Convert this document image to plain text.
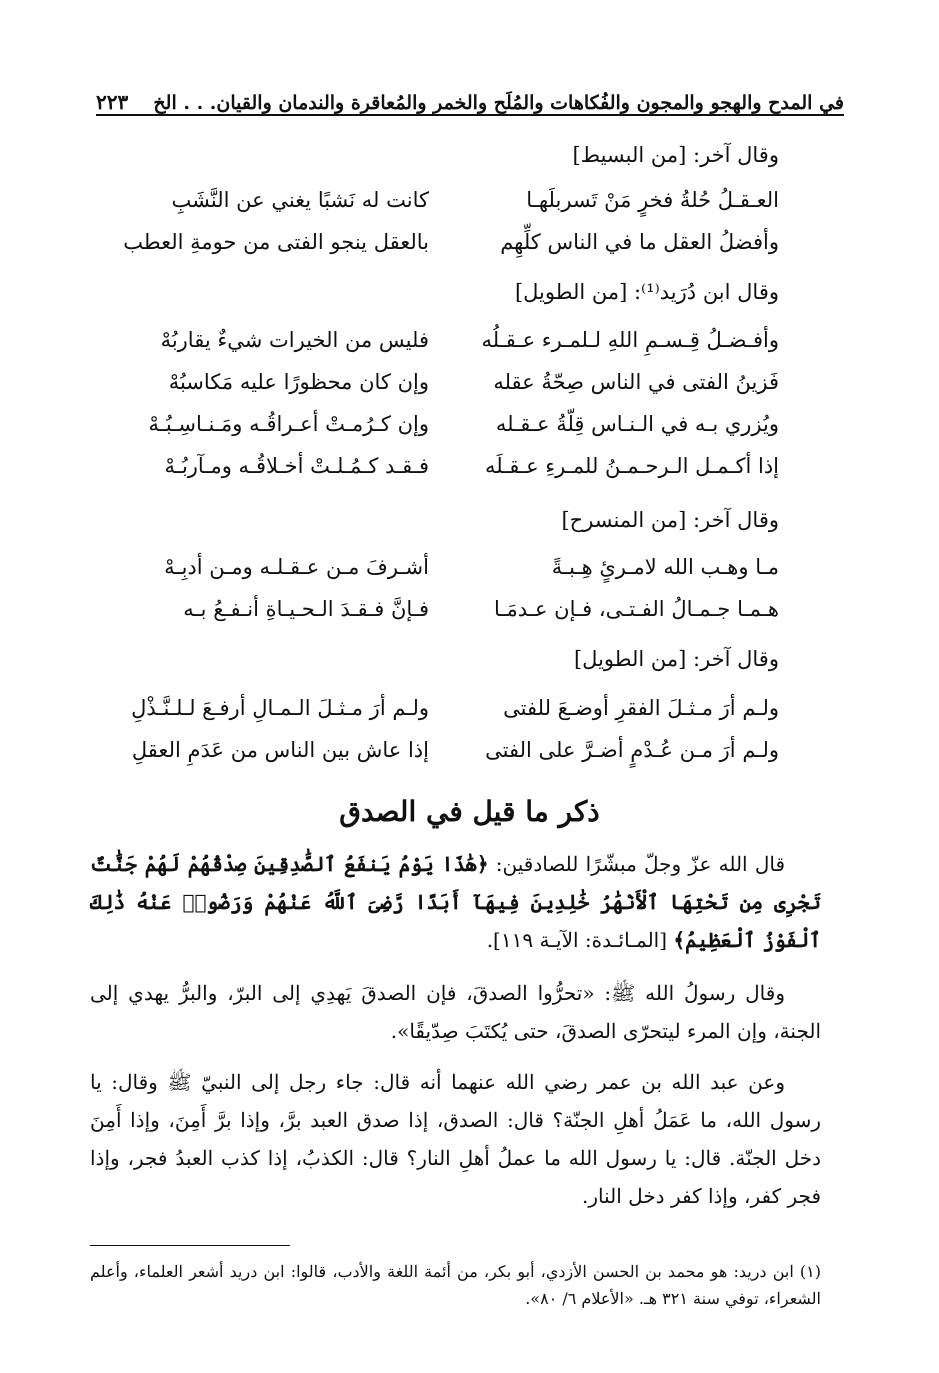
في المدح والهجو والمجون والفُكاهات والمُلَح والخمر والمُعاقرة والندمان والقيان. . . الخ
٢٢٣
وقال آخر: [من البسيط]
العـقـلُ حُلةُ فخرٍ مَنْ تَسربلَهـا
كانت له نَشبًا يغني عن النَّشَبِ
وأفضلُ العقل ما في الناس كلِّهِم
بالعقل ينجو الفتى من حومةِ العطب
وقال ابن دُرَيد⁽¹⁾: [من الطويل]
وأفـضـلُ قِـسـمِ اللهِ لـلمـرء عـقـلُه
فليس من الخيرات شيءٌ يقاربُهْ
فَزينُ الفتى في الناس صِحّةُ عقله
وإن كان محظورًا عليه مَكاسبُهْ
ويُزري بـه في الـنـاس قِلّةُ عـقـله
وإن كـرُمـتْ أعـراقُـه ومَـنـاسِـبُـهْ
إذا أكـمـل الـرحـمـنُ للمـرءِ عـقـلَه
فـقـد كـمُـلـتْ أخـلاقُـه ومـآربُـهْ
وقال آخر: [من المنسرح]
مـا وهـب الله لامـرئٍ هِـبـةً
أشـرفَ مـن عـقـلـه ومـن أدبِـهْ
هـمـا جـمـالُ الفـتـى، فـإن عـدمَـا
فـإنَّ فـقـدَ الـحـيـاةِ أنـفـعُ بـه
وقال آخر: [من الطويل]
ولـم أرَ مـثـلَ الفقرِ أوضـعَ للفتى
ولـم أرَ مـثـلَ الـمـالِ أرفـعَ لـلـنَّـذْلِ
ولـم أرَ مـن عُـدْمٍ أضـرَّ على الفتى
إذا عاش بين الناس من عَدَمِ العقلِ
ذكر ما قيل في الصدق
قال الله عزّ وجلّ مبشّرًا للصادقين: ﴿هَٰذَا يَوْمُ يَنفَعُ ٱلصَّٰدِقِينَ صِدْقُهُمْ لَهُمْ جَنَّٰتٌ تَجْرِى مِن تَحْتِهَا ٱلْأَنْهَٰرُ خَٰلِدِينَ فِيهَآ أَبَدًا رَّضِىَ ٱللَّهُ عَنْهُمْ وَرَضُوا۟ عَنْهُ ذَٰلِكَ ٱلْفَوْزُ ٱلْعَظِيمُ﴾ [المـائـدة: الآيـة ١١٩].
وقال رسولُ الله ﷺ: «تحرُّوا الصدقَ، فإن الصدقَ يَهدِي إلى البرّ، والبرُّ يهدي إلى الجنة، وإن المرء ليتحرّى الصدقَ، حتى يُكتَبَ صِدّيقًا».
وعن عبد الله بن عمر رضي الله عنهما أنه قال: جاء رجل إلى النبيّ ﷺ وقال: يا رسول الله، ما عَمَلُ أهلِ الجنّة؟ قال: الصدق، إذا صدق العبد برَّ، وإذا برَّ أَمِنَ، وإذا أَمِنَ دخل الجنّة. قال: يا رسول الله ما عملُ أهلِ النار؟ قال: الكذبُ، إذا كذب العبدُ فجر، وإذا فجر كفر، وإذا كفر دخل النار.
(١) ابن دريد: هو محمد بن الحسن الأزدي، أبو بكر، من أئمة اللغة والأدب، قالوا: ابن دريد أشعر العلماء، وأعلم الشعراء، توفي سنة ٣٢١ هـ. «الأعلام ٦/ ٨٠».
